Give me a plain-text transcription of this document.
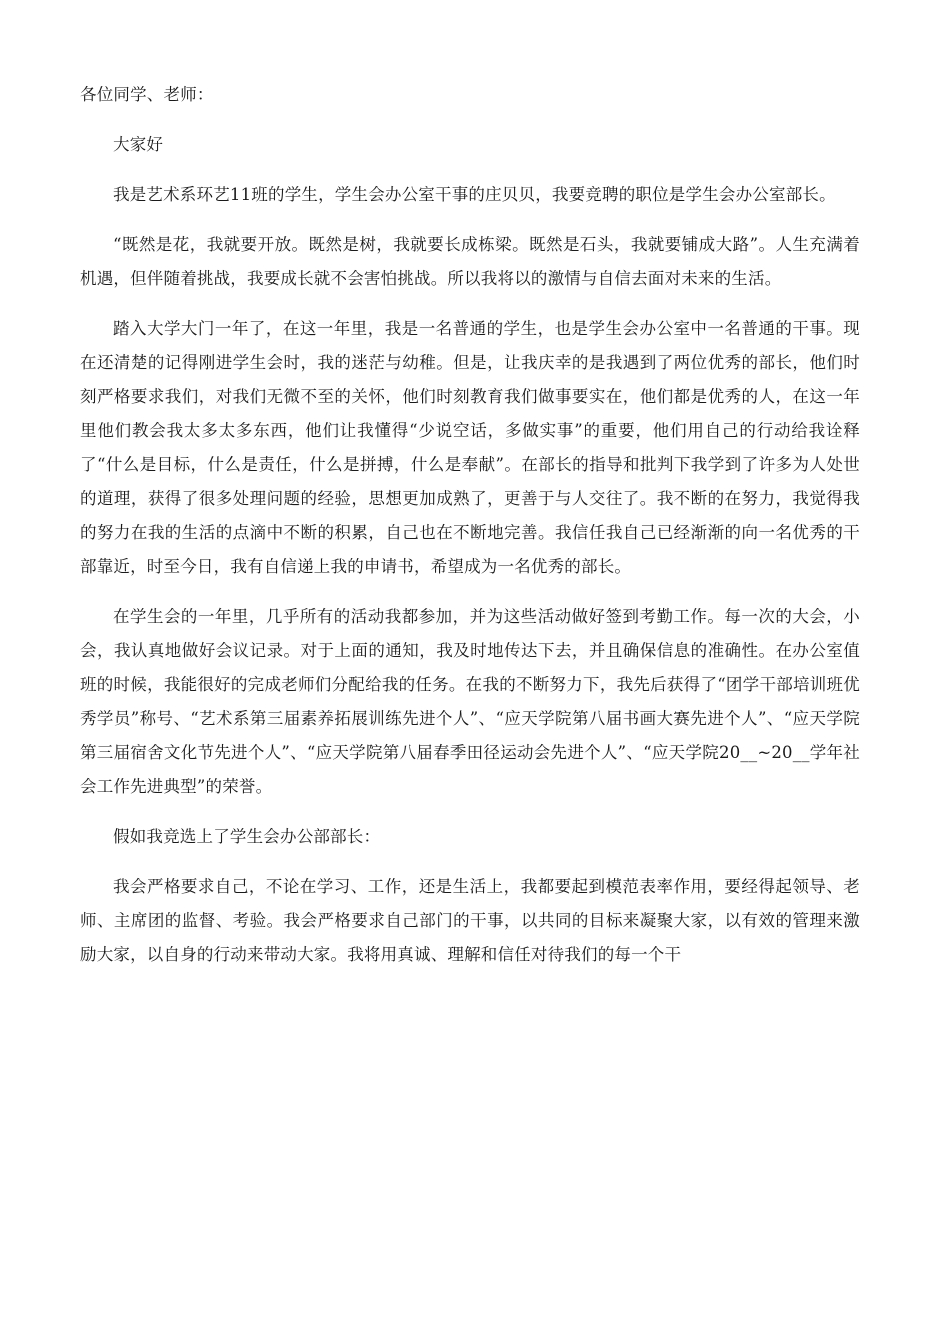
各位同学、老师：

大家好

我是艺术系环艺11班的学生，学生会办公室干事的庄贝贝，我要竞聘的职位是学生会办公室部长。

“既然是花，我就要开放。既然是树，我就要长成栋梁。既然是石头，我就要铺成大路”。人生充满着机遇，但伴随着挑战，我要成长就不会害怕挑战。所以我将以的激情与自信去面对未来的生活。

踏入大学大门一年了，在这一年里，我是一名普通的学生，也是学生会办公室中一名普通的干事。现在还清楚的记得刚进学生会时，我的迷茫与幼稚。但是，让我庆幸的是我遇到了两位优秀的部长，他们时刻严格要求我们，对我们无微不至的关怀，他们时刻教育我们做事要实在，他们都是优秀的人，在这一年里他们教会我太多太多东西，他们让我懂得“少说空话，多做实事”的重要，他们用自己的行动给我诠释了“什么是目标，什么是责任，什么是拼搏，什么是奉献”。在部长的指导和批判下我学到了许多为人处世的道理，获得了很多处理问题的经验，思想更加成熟了，更善于与人交往了。我不断的在努力，我觉得我的努力在我的生活的点滴中不断的积累，自己也在不断地完善。我信任我自己已经渐渐的向一名优秀的干部靠近，时至今日，我有自信递上我的申请书，希望成为一名优秀的部长。

在学生会的一年里，几乎所有的活动我都参加，并为这些活动做好签到考勤工作。每一次的大会，小会，我认真地做好会议记录。对于上面的通知，我及时地传达下去，并且确保信息的准确性。在办公室值班的时候，我能很好的完成老师们分配给我的任务。在我的不断努力下，我先后获得了“团学干部培训班优秀学员”称号、“艺术系第三届素养拓展训练先进个人”、“应天学院第八届书画大赛先进个人”、“应天学院第三届宿舍文化节先进个人”、“应天学院第八届春季田径运动会先进个人”、“应天学院20__~20__学年社会工作先进典型”的荣誉。

假如我竞选上了学生会办公部部长：

我会严格要求自己，不论在学习、工作，还是生活上，我都要起到模范表率作用，要经得起领导、老师、主席团的监督、考验。我会严格要求自己部门的干事，以共同的目标来凝聚大家，以有效的管理来激励大家，以自身的行动来带动大家。我将用真诚、理解和信任对待我们的每一个干
